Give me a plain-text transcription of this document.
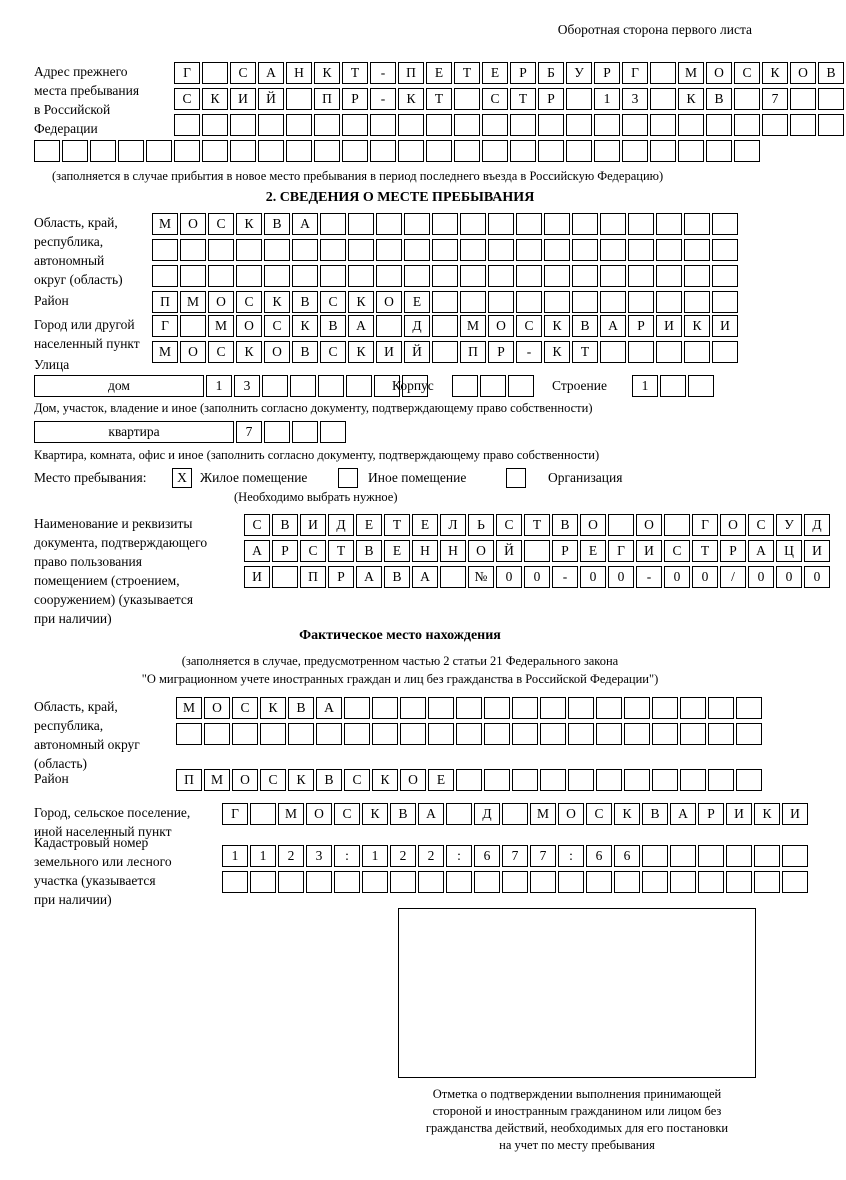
Оборотная сторона первого листа
Адрес прежнего
места пребывания
в Российской
Федерации
Г	С	А	Н	К	Т	-	П	Е	Т	Е	Р	Б	У	Р	Г	М	О	С	К	О	В
С	К	И	Й	П	Р	-	К	Т	С	Т	Р	1	3	К	В	7
(заполняется в случае прибытия в новое место пребывания в период последнего въезда в Российскую Федерацию)
2. СВЕДЕНИЯ О МЕСТЕ ПРЕБЫВАНИЯ
Область, край,
республика,
автономный
округ (область)
М	О	С	К	В	А
Район	П	М	О	С	К	В	С	К	О	Е
Город или другой
населенный пункт
Г	М	О	С	К	В	А	Д	М	О	С	К	В	А	Р	И	К	И
Улица
М	О	С	К	О	В	С	К	И	Й	П	Р	-	К	Т
дом	1	3	Корпус	Строение	1
Дом, участок, владение и иное (заполнить согласно документу, подтверждающему право собственности)
квартира	7
Квартира, комната, офис и иное (заполнить согласно документу, подтверждающему право собственности)
Место пребывания:	X Жилое помещение	Иное помещение	Организация
(Необходимо выбрать нужное)
Наименование и реквизиты
документа, подтверждающего
право пользования
помещением (строением,
сооружением) (указывается
при наличии)
С	В	И	Д	Е	Т	Е	Л	Ь	С	Т	В	О	О	Г	О	С	У	Д
А	Р	С	Т	В	Е	Н	Н	О	Й	Р	Е	Г	И	С	Т	Р	А	Ц	И
И	П	Р	А	В	А	№	0	0	-	0	0	-	0	0	/	0	0	0
Фактическое место нахождения
(заполняется в случае, предусмотренном частью 2 статьи 21 Федерального закона
"О миграционном учете иностранных граждан и лиц без гражданства в Российской Федерации")
Область, край,
республика,
автономный округ
(область)
М	О	С	К	В	А
Район	П	М	О	С	К	В	С	К	О	Е
Город, сельское поселение,
иной населенный пункт
Г	М	О	С	К	В	А	Д	М	О	С	К	В	А	Р	И	К	И
Кадастровый номер
земельного или лесного
участка (указывается
при наличии)
1	1	2	3	:	1	2	2	:	6	7	7	:	6	6
Отметка о подтверждении выполнения принимающей
стороной и иностранным гражданином или лицом без
гражданства действий, необходимых для его постановки
на учет по месту пребывания
